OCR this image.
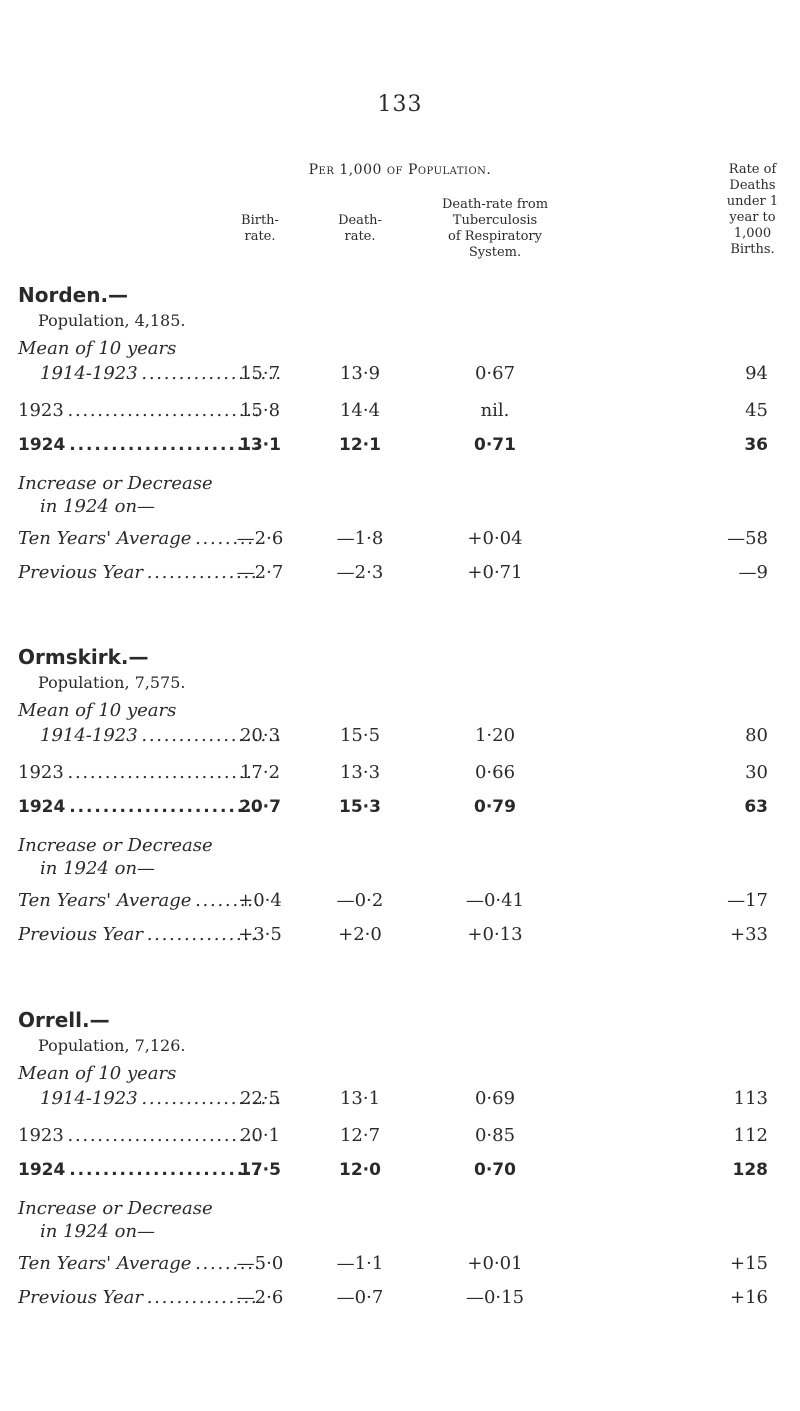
133
Per 1,000 of Population.
Birth-
rate.
Death-
rate.
Death-rate from
Tuberculosis
of Respiratory
System.
Rate of
Deaths
under 1
year to
1,000
Births.
Norden.—
Population, 4,185.
Mean of 10 years
1914-1923 . . .	15·7	13·9	0·67	94
1923 . . .	15·8	14·4	nil.	45
1924 . . .	13·1	12·1	0·71	36
Increase or Decrease
in 1924 on—
Ten Years' Average . . .	—2·6	—1·8	+0·04	—58
Previous Year . . .	—2·7	—2·3	+0·71	—9
Ormskirk.—
Population, 7,575.
Mean of 10 years
1914-1923 . . .	20·3	15·5	1·20	80
1923 . . .	17·2	13·3	0·66	30
1924 . . .	20·7	15·3	0·79	63
Increase or Decrease
in 1924 on—
Ten Years' Average . . .	+0·4	—0·2	—0·41	—17
Previous Year . . .	+3·5	+2·0	+0·13	+33
Orrell.—
Population, 7,126.
Mean of 10 years
1914-1923 . . .	22·5	13·1	0·69	113
1923 . . .	20·1	12·7	0·85	112
1924 . . .	17·5	12·0	0·70	128
Increase or Decrease
in 1924 on—
Ten Years' Average . . .	—5·0	—1·1	+0·01	+15
Previous Year . . .	—2·6	—0·7	—0·15	+16
